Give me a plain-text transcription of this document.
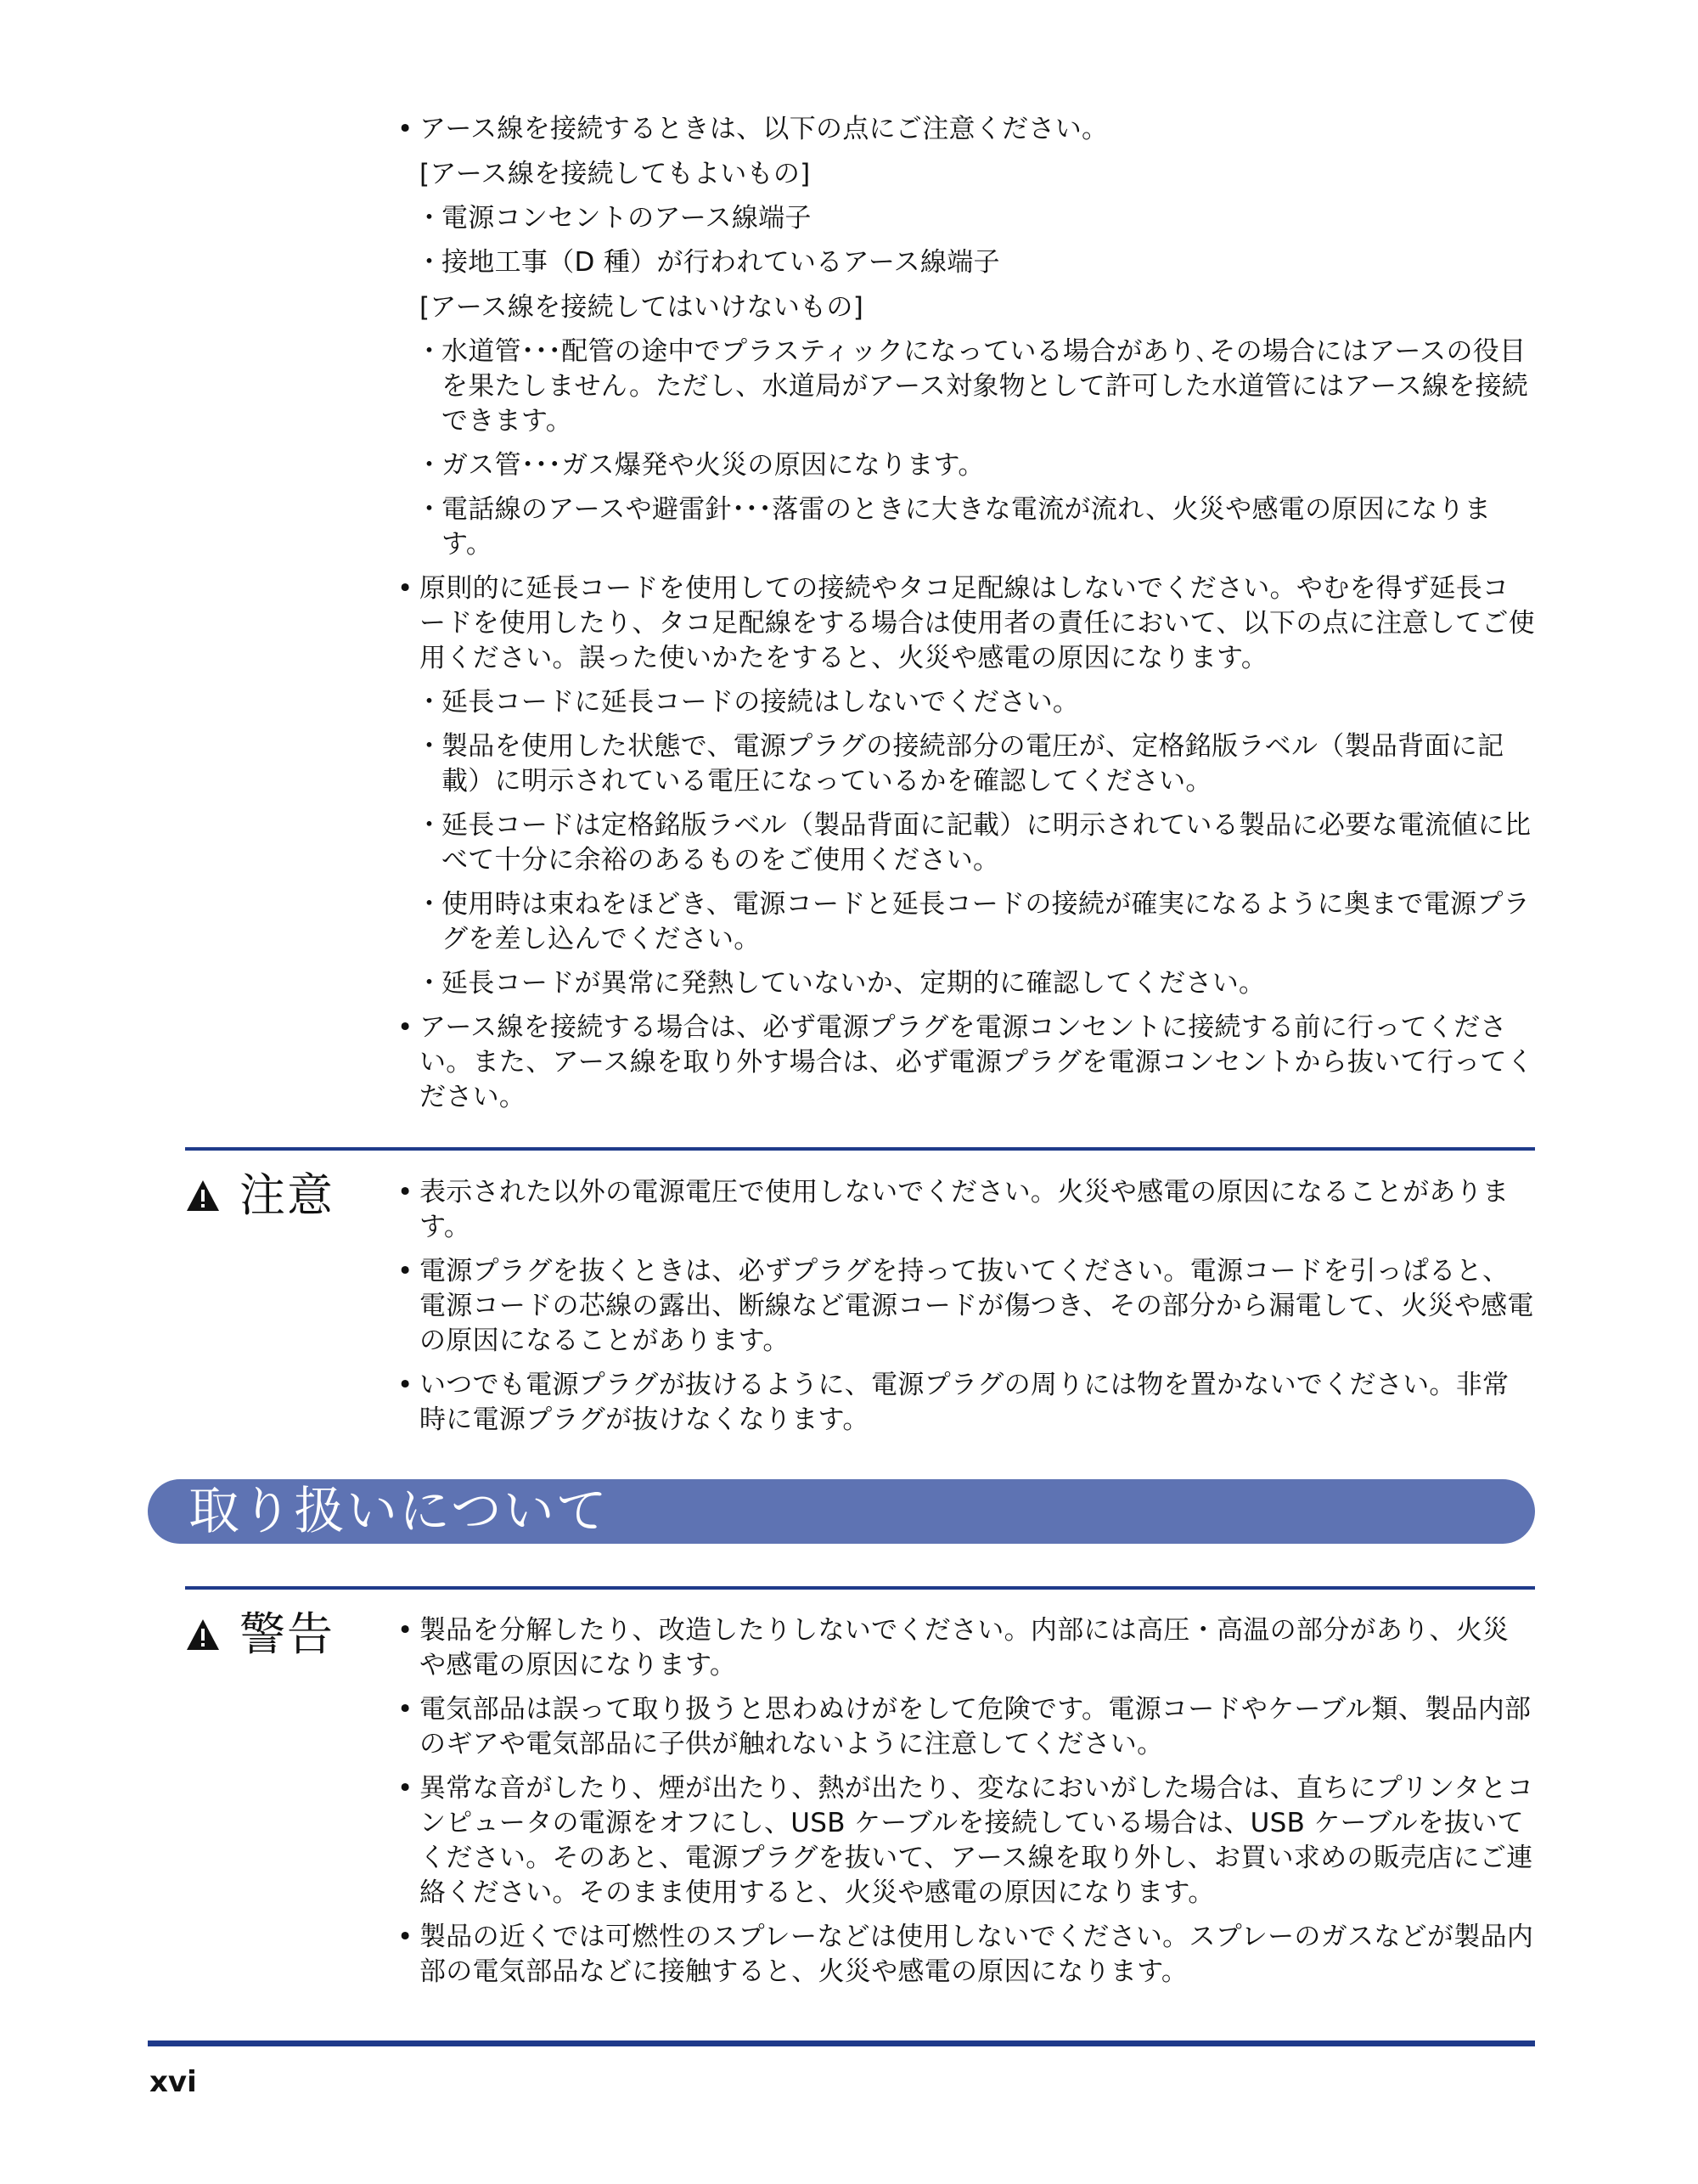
• アース線を接続するときは、以下の点にご注意ください。
[アース線を接続してもよいもの]
・ 電源コンセントのアース線端子
・ 接地工事（D 種）が行われているアース線端子
[アース線を接続してはいけないもの]
・ 水道管･･･配管の途中でプラスティックになっている場合があり､その場合にはアースの役目を果たしません。ただし、水道局がアース対象物として許可した水道管にはアース線を接続できます。
・ ガス管･･･ガス爆発や火災の原因になります。
・ 電話線のアースや避雷針･･･落雷のときに大きな電流が流れ、火災や感電の原因になります。
• 原則的に延長コードを使用しての接続やタコ足配線はしないでください。やむを得ず延長コードを使用したり、タコ足配線をする場合は使用者の責任において、以下の点に注意してご使用ください。誤った使いかたをすると、火災や感電の原因になります。
・ 延長コードに延長コードの接続はしないでください。
・ 製品を使用した状態で、電源プラグの接続部分の電圧が、定格銘版ラベル（製品背面に記載）に明示されている電圧になっているかを確認してください。
・ 延長コードは定格銘版ラベル（製品背面に記載）に明示されている製品に必要な電流値に比べて十分に余裕のあるものをご使用ください。
・ 使用時は束ねをほどき、電源コードと延長コードの接続が確実になるように奥まで電源プラグを差し込んでください。
・ 延長コードが異常に発熱していないか、定期的に確認してください。
• アース線を接続する場合は、必ず電源プラグを電源コンセントに接続する前に行ってください。また、アース線を取り外す場合は、必ず電源プラグを電源コンセントから抜いて行ってください。
注意	• 表示された以外の電源電圧で使用しないでください。火災や感電の原因になることがあります。
• 電源プラグを抜くときは、必ずプラグを持って抜いてください。電源コードを引っぱると、電源コードの芯線の露出、断線など電源コードが傷つき、その部分から漏電して、火災や感電の原因になることがあります。
• いつでも電源プラグが抜けるように、電源プラグの周りには物を置かないでください。非常時に電源プラグが抜けなくなります。
取り扱いについて
警告	• 製品を分解したり、改造したりしないでください。内部には高圧・高温の部分があり、火災や感電の原因になります。
• 電気部品は誤って取り扱うと思わぬけがをして危険です。電源コードやケーブル類、製品内部のギアや電気部品に子供が触れないように注意してください。
• 異常な音がしたり、煙が出たり、熱が出たり、変なにおいがした場合は、直ちにプリンタとコンピュータの電源をオフにし、USB ケーブルを接続している場合は、USB ケーブルを抜いてください。そのあと、電源プラグを抜いて、アース線を取り外し、お買い求めの販売店にご連絡ください。そのまま使用すると、火災や感電の原因になります。
• 製品の近くでは可燃性のスプレーなどは使用しないでください。スプレーのガスなどが製品内部の電気部品などに接触すると、火災や感電の原因になります。
xvi
